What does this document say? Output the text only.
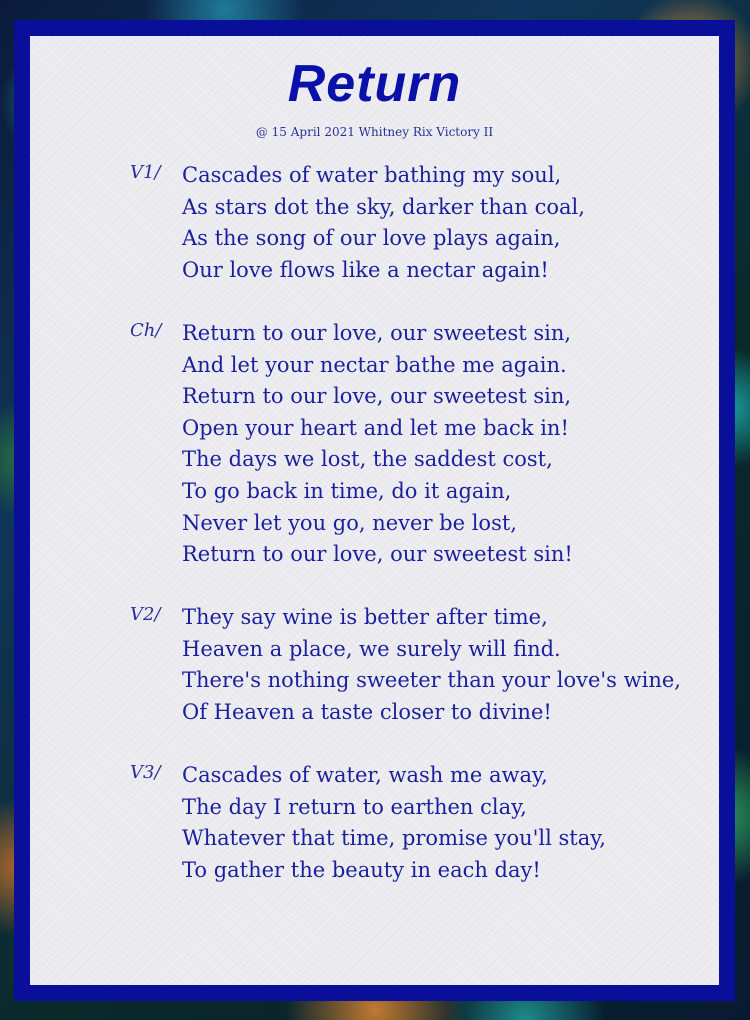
Return
@ 15 April 2021 Whitney Rix Victory II
V1/ Cascades of water bathing my soul,
As stars dot the sky, darker than coal,
As the song of our love plays again,
Our love flows like a nectar again!
Ch/ Return to our love, our sweetest sin,
And let your nectar bathe me again.
Return to our love, our sweetest sin,
Open your heart and let me back in!
The days we lost, the saddest cost,
To go back in time, do it again,
Never let you go, never be lost,
Return to our love, our sweetest sin!
V2/ They say wine is better after time,
Heaven a place, we surely will find.
There's nothing sweeter than your love's wine,
Of Heaven a taste closer to divine!
V3/ Cascades of water, wash me away,
The day I return to earthen clay,
Whatever that time, promise you'll stay,
To gather the beauty in each day!
